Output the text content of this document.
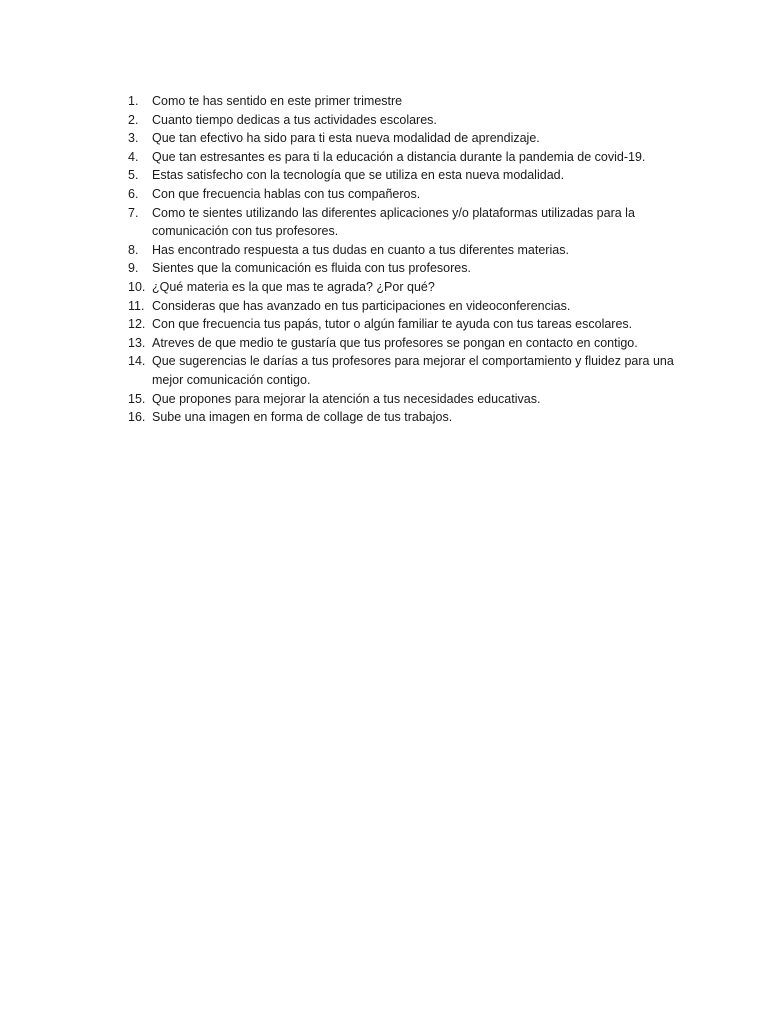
1.	Como te has sentido en este primer trimestre
2.	Cuanto tiempo dedicas a tus actividades escolares.
3.	Que tan efectivo ha sido para ti esta nueva modalidad de aprendizaje.
4.	Que tan estresantes es para ti la educación a distancia durante la pandemia de covid-19.
5.	Estas satisfecho con la tecnología que se utiliza en esta nueva modalidad.
6.	Con que frecuencia hablas con tus compañeros.
7.	Como te sientes utilizando las diferentes aplicaciones y/o plataformas utilizadas para la comunicación con tus profesores.
8.	Has encontrado respuesta a tus dudas en cuanto a tus diferentes materias.
9.	Sientes que la comunicación es fluida con tus profesores.
10. ¿Qué materia es la que mas te agrada? ¿Por qué?
11. Consideras que has avanzado en tus participaciones en videoconferencias.
12. Con que frecuencia tus papás, tutor o algún familiar te ayuda con tus tareas escolares.
13. Atreves de que medio te gustaría que tus profesores se pongan en contacto en contigo.
14. Que sugerencias le darías a tus profesores para mejorar el comportamiento y fluidez para una mejor comunicación contigo.
15. Que propones para mejorar la atención a tus necesidades educativas.
16. Sube una imagen en forma de collage de tus trabajos.
